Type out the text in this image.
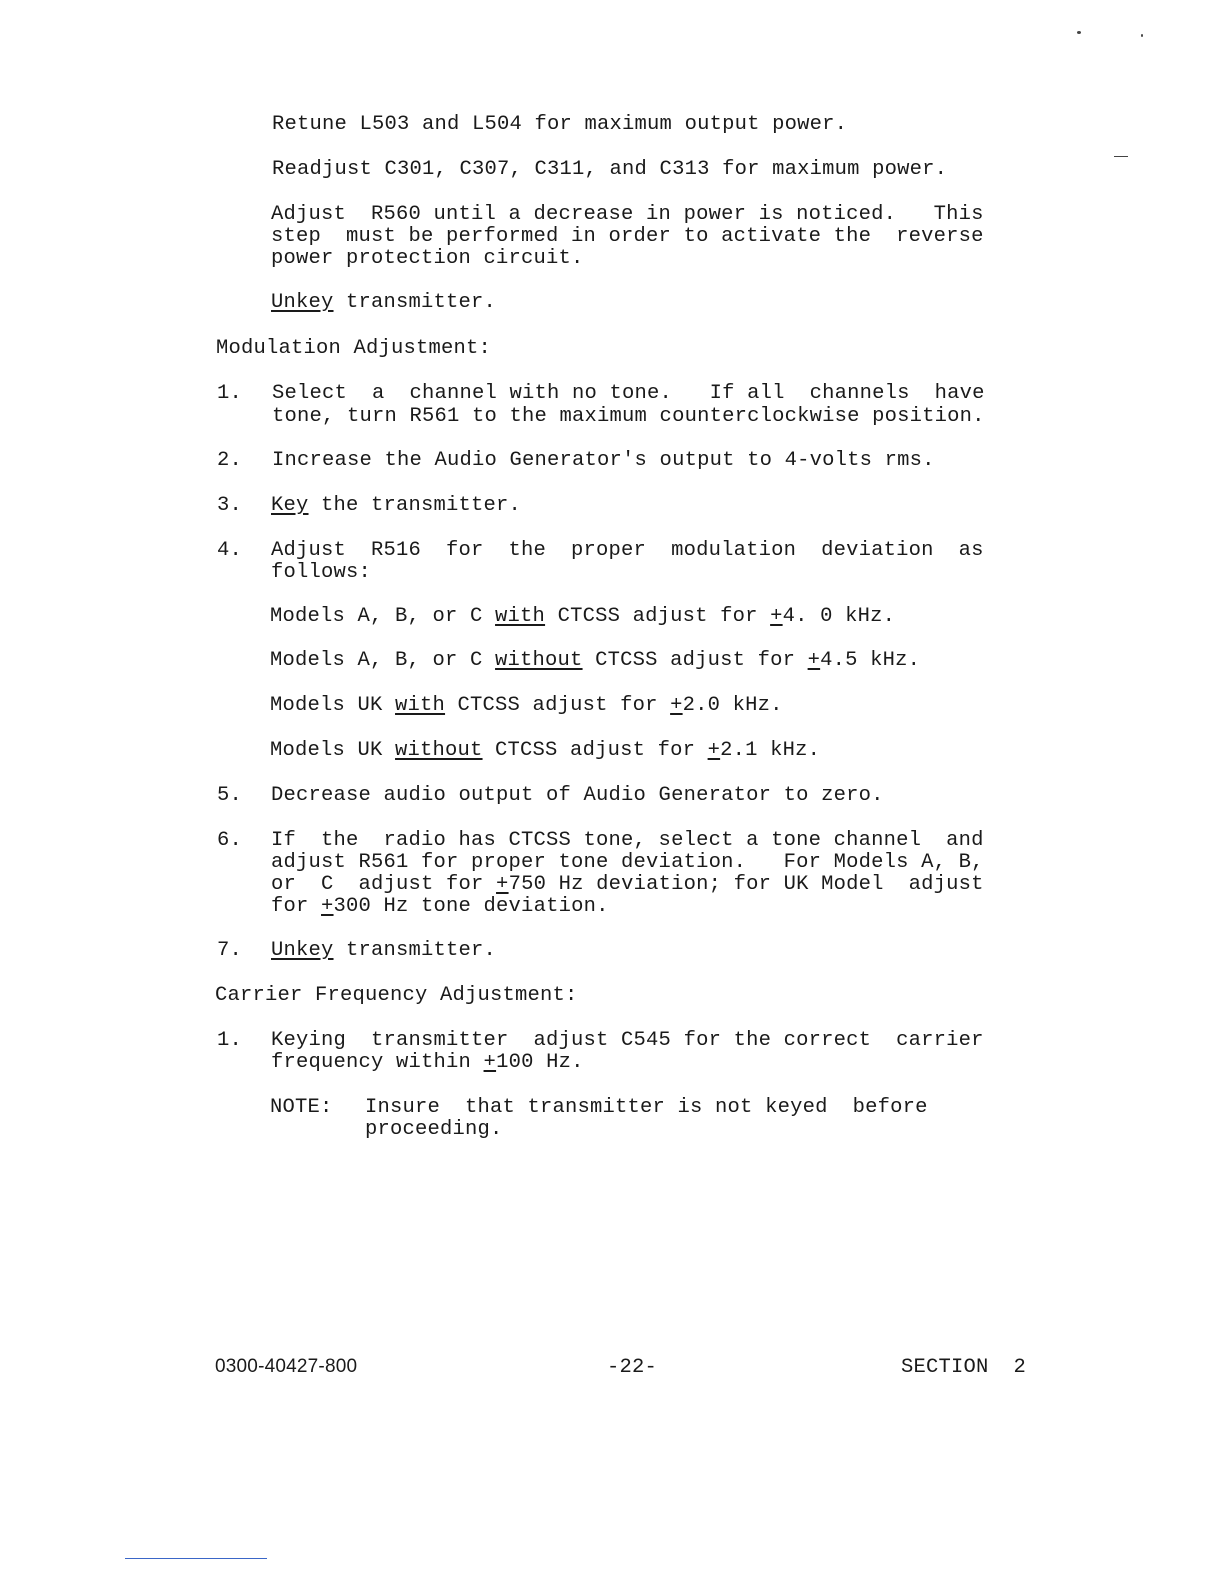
Retune L503 and L504 for maximum output power.
Readjust C301, C307, C311, and C313 for maximum power.
Adjust  R560 until a decrease in power is noticed.   This
step  must be performed in order to activate the  reverse
power protection circuit.
Unkey transmitter.
Modulation Adjustment:
1. Select  a  channel with no tone.   If all  channels  have
tone, turn R561 to the maximum counterclockwise position.
2. Increase the Audio Generator's output to 4-volts rms.
3. Key the transmitter.
4. Adjust  R516  for  the  proper  modulation  deviation  as
follows:
Models A, B, or C with CTCSS adjust for +4. 0 kHz.
Models A, B, or C without CTCSS adjust for +4.5 kHz.
Models UK with CTCSS adjust for +2.0 kHz.
Models UK without CTCSS adjust for +2.1 kHz.
5. Decrease audio output of Audio Generator to zero.
6. If  the  radio has CTCSS tone, select a tone channel  and
adjust R561 for proper tone deviation.   For Models A, B,
or  C  adjust for +750 Hz deviation; for UK Model  adjust
for +300 Hz tone deviation.
7. Unkey transmitter.
Carrier Frequency Adjustment:
1. Keying  transmitter  adjust C545 for the correct  carrier
frequency within +100 Hz.
NOTE: Insure  that transmitter is not keyed  before
proceeding.
0300-40427-800	-22-	SECTION  2
